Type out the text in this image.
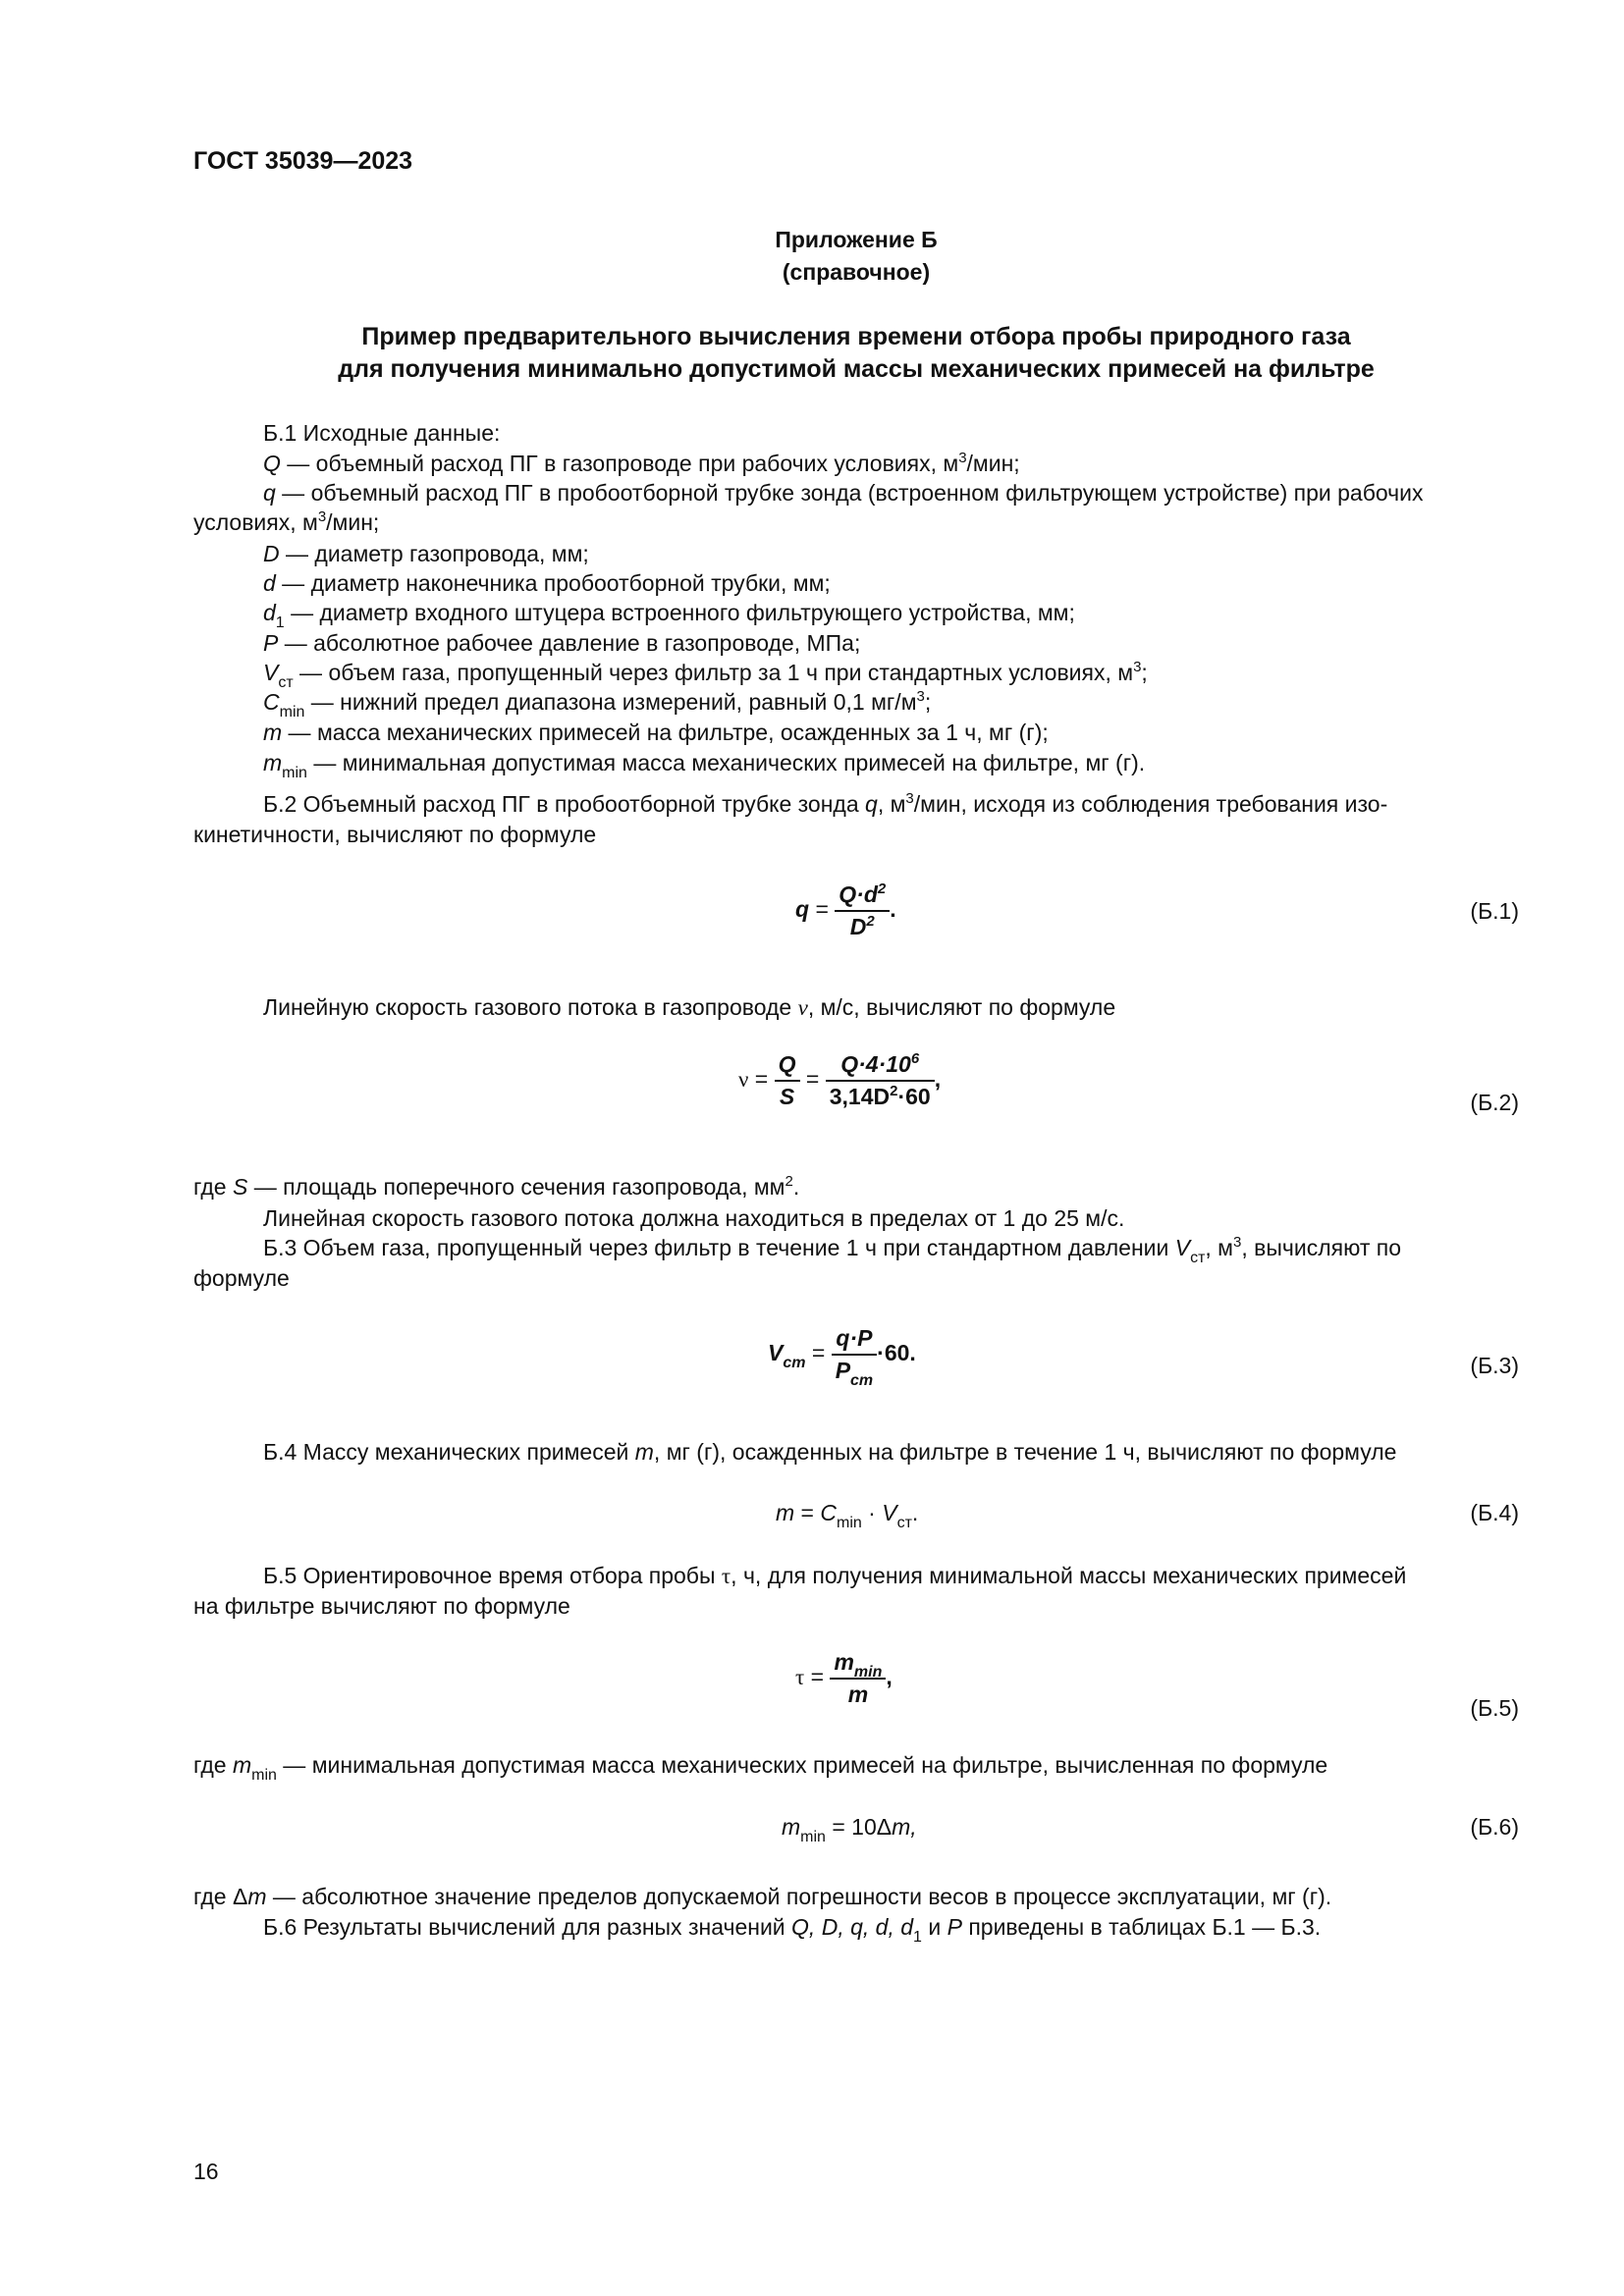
ГОСТ 35039—2023
Приложение Б
(справочное)
Пример предварительного вычисления времени отбора пробы природного газа
для получения минимально допустимой массы механических примесей на фильтре
Б.1 Исходные данные:
Q — объемный расход ПГ в газопроводе при рабочих условиях, $м^3$/мин;
q — объемный расход ПГ в пробоотборной трубке зонда (встроенном фильтрующем устройстве) при рабочих
условиях, $м^3$/мин;
D — диаметр газопровода, мм;
d — диаметр наконечника пробоотборной трубки, мм;
$d_1$ — диаметр входного штуцера встроенного фильтрующего устройства, мм;
P — абсолютное рабочее давление в газопроводе, МПа;
$V_{ст}$ — объем газа, пропущенный через фильтр за 1 ч при стандартных условиях, $м^3$;
$C_{min}$ — нижний предел диапазона измерений, равный 0,1 $мг/м^3$;
m — масса механических примесей на фильтре, осажденных за 1 ч, мг (г);
$m_{min}$ — минимальная допустимая масса механических примесей на фильтре, мг (г).
Б.2 Объемный расход ПГ в пробоотборной трубке зонда q, $м^3$/мин, исходя из соблюдения требования изо-
кинетичности, вычисляют по формуле
$q = \frac{Q\cdot d^2}{D^2}$ .	(Б.1)
Линейную скорость газового потока в газопроводе v, м/с, вычисляют по формуле
$\nu = \frac{Q}{S} = \frac{Q\cdot 4\cdot 10^6}{3,14D^2\cdot 60}$ ,
(Б.2)
где S — площадь поперечного сечения газопровода, $мм^2$.
Линейная скорость газового потока должна находиться в пределах от 1 до 25 м/с.
Б.3 Объем газа, пропущенный через фильтр в течение 1 ч при стандартном давлении $V_{ст}$, $м^3$, вычисляют по
формуле
$V_{ст} = \frac{q\cdot P}{P_{ст}} \cdot 60$.	(Б.3)
Б.4 Массу механических примесей m, мг (г), осажденных на фильтре в течение 1 ч, вычисляют по формуле
$m = C_{min} \cdot V_{ст}$.	(Б.4)
Б.5 Ориентировочное время отбора пробы τ, ч, для получения минимальной массы механических примесей
на фильтре вычисляют по формуле
$\tau = \frac{m_{min}}{m}$ ,
(Б.5)
где $m_{min}$ — минимальная допустимая масса механических примесей на фильтре, вычисленная по формуле
$m_{min} = 10\Delta m$,	(Б.6)
где Δm — абсолютное значение пределов допускаемой погрешности весов в процессе эксплуатации, мг (г).
Б.6 Результаты вычислений для разных значений Q, D, q, d, $d_1$ и P приведены в таблицах Б.1 — Б.3.
16
